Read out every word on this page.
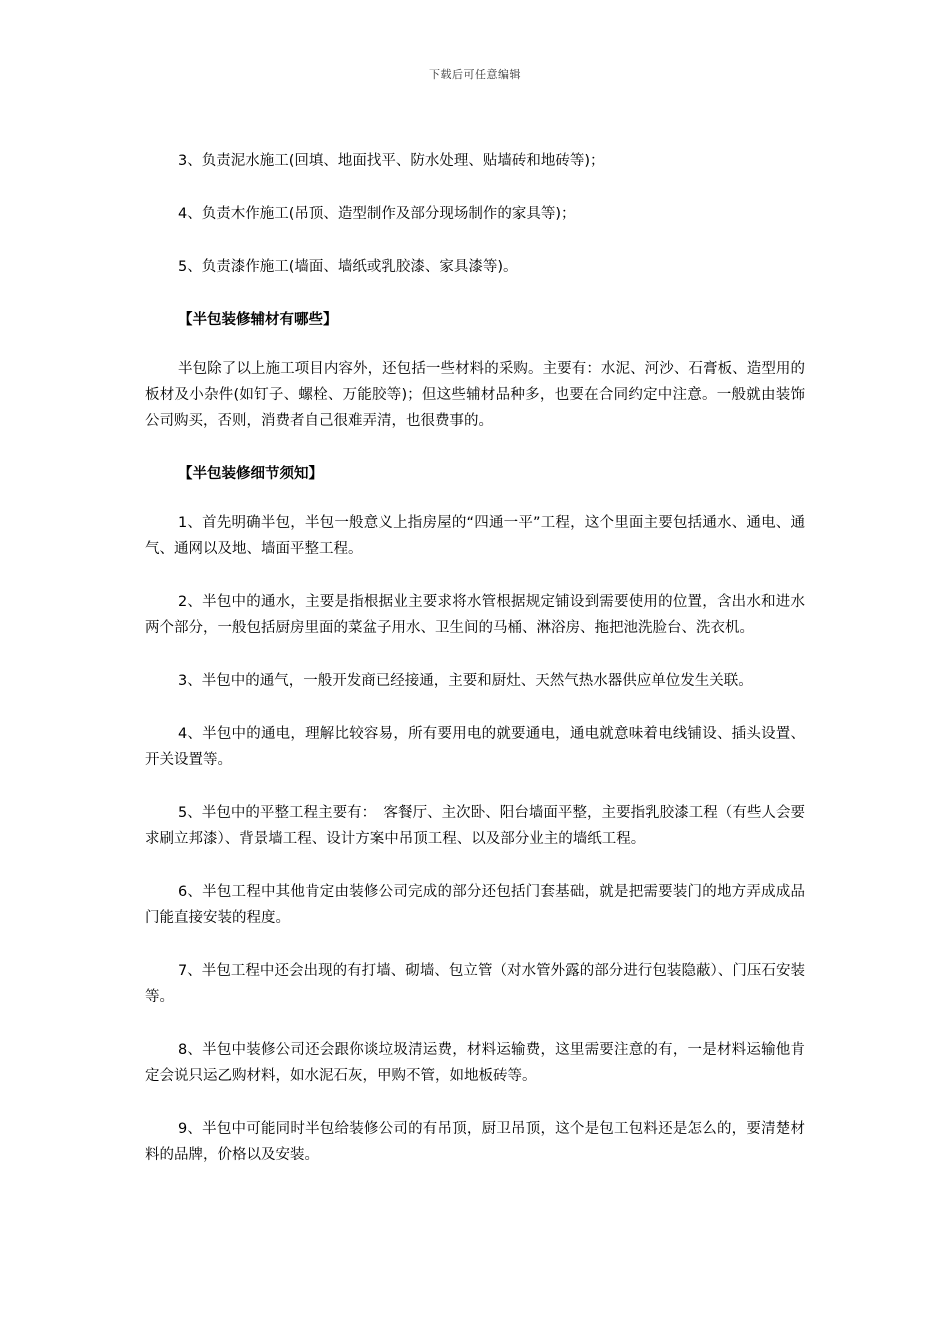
下载后可任意编辑

3、负责泥水施工(回填、地面找平、防水处理、贴墙砖和地砖等)；

4、负责木作施工(吊顶、造型制作及部分现场制作的家具等)；

5、负责漆作施工(墙面、墙纸或乳胶漆、家具漆等)。

【半包装修辅材有哪些】

半包除了以上施工项目内容外，还包括一些材料的采购。主要有：水泥、河沙、石膏板、造型用的板材及小杂件(如钉子、螺栓、万能胶等)；但这些辅材品种多，也要在合同约定中注意。一般就由装饰公司购买，否则，消费者自己很难弄清，也很费事的。

【半包装修细节须知】

1、首先明确半包，半包一般意义上指房屋的“四通一平”工程，这个里面主要包括通水、通电、通气、通网以及地、墙面平整工程。

2、半包中的通水，主要是指根据业主要求将水管根据规定铺设到需要使用的位置，含出水和进水两个部分，一般包括厨房里面的菜盆子用水、卫生间的马桶、淋浴房、拖把池洗脸台、洗衣机。

3、半包中的通气，一般开发商已经接通，主要和厨灶、天然气热水器供应单位发生关联。

4、半包中的通电，理解比较容易，所有要用电的就要通电，通电就意味着电线铺设、插头设置、开关设置等。

5、半包中的平整工程主要有：　客餐厅、主次卧、阳台墙面平整，主要指乳胶漆工程（有些人会要求刷立邦漆）、背景墙工程、设计方案中吊顶工程、以及部分业主的墙纸工程。

6、半包工程中其他肯定由装修公司完成的部分还包括门套基础，就是把需要装门的地方弄成成品门能直接安装的程度。

7、半包工程中还会出现的有打墙、砌墙、包立管（对水管外露的部分进行包装隐蔽）、门压石安装等。

8、半包中装修公司还会跟你谈垃圾清运费，材料运输费，这里需要注意的有，一是材料运输他肯定会说只运乙购材料，如水泥石灰，甲购不管，如地板砖等。

9、半包中可能同时半包给装修公司的有吊顶，厨卫吊顶，这个是包工包料还是怎么的，要清楚材料的品牌，价格以及安装。
